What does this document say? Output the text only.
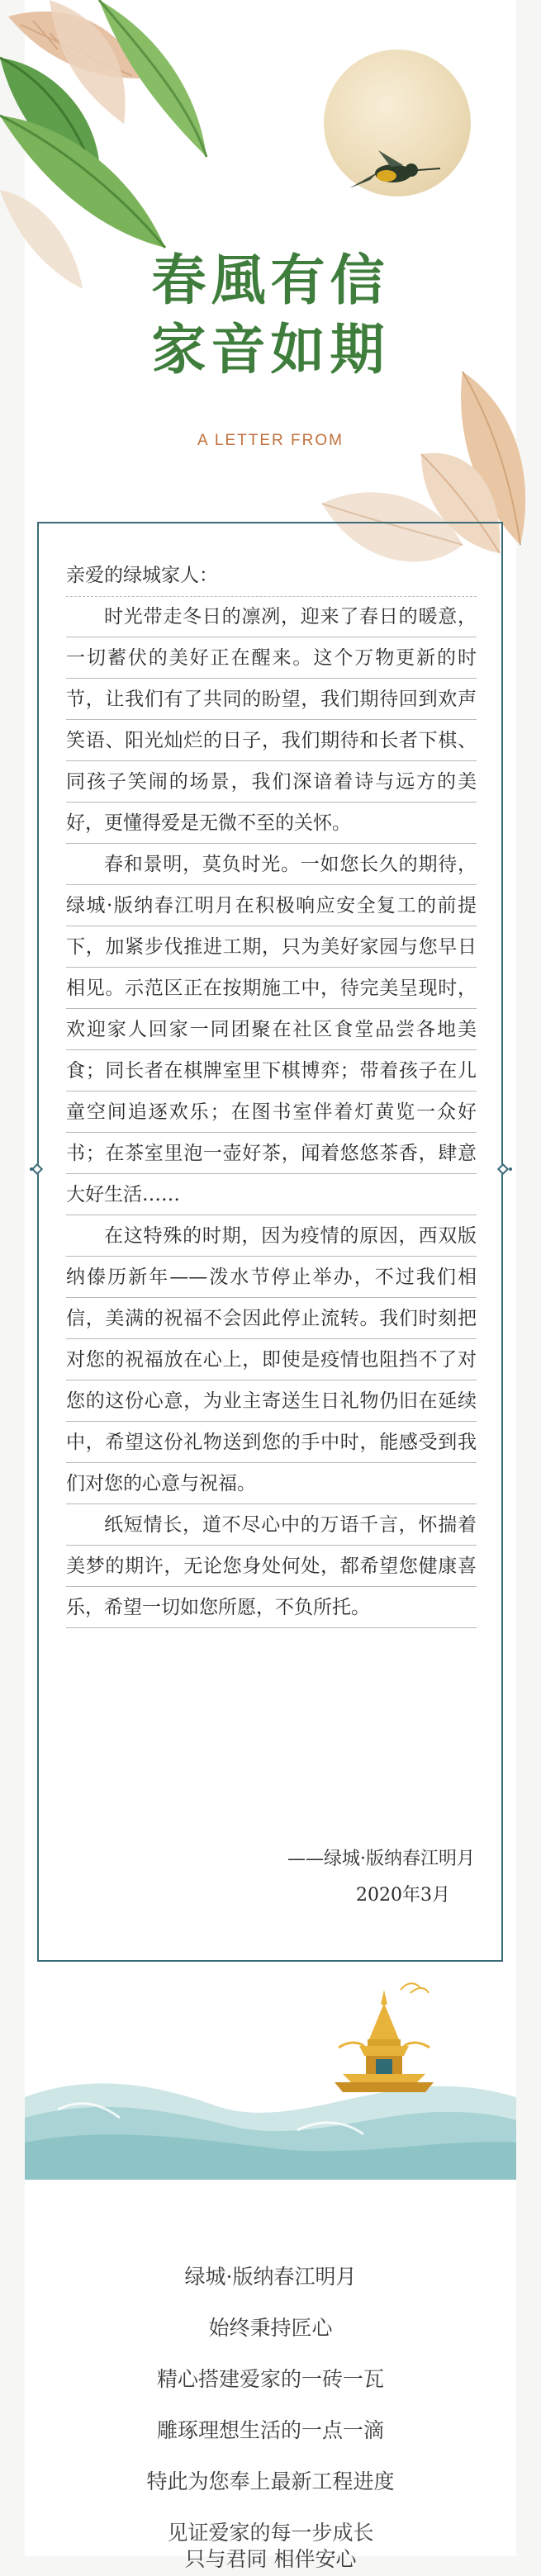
春風有信
家音如期
A LETTER FROM
亲爱的绿城家人：

时光带走冬日的凛冽，迎来了春日的暖意，一切蓄伏的美好正在醒来。这个万物更新的时节，让我们有了共同的盼望，我们期待回到欢声笑语、阳光灿烂的日子，我们期待和长者下棋、同孩子笑闹的场景，我们深谙着诗与远方的美好，更懂得爱是无微不至的关怀。

春和景明，莫负时光。一如您长久的期待，绿城·版纳春江明月在积极响应安全复工的前提下，加紧步伐推进工期，只为美好家园与您早日相见。示范区正在按期施工中，待完美呈现时，欢迎家人回家一同团聚在社区食堂品尝各地美食；同长者在棋牌室里下棋博弈；带着孩子在儿童空间追逐欢乐；在图书室伴着灯黄览一众好书；在茶室里泡一壶好茶，闻着悠悠茶香，肆意大好生活……

在这特殊的时期，因为疫情的原因，西双版纳傣历新年——泼水节停止举办，不过我们相信，美满的祝福不会因此停止流转。我们时刻把对您的祝福放在心上，即使是疫情也阻挡不了对您的这份心意，为业主寄送生日礼物仍旧在延续中，希望这份礼物送到您的手中时，能感受到我们对您的心意与祝福。

纸短情长，道不尽心中的万语千言，怀揣着美梦的期许，无论您身处何处，都希望您健康喜乐，希望一切如您所愿，不负所托。

——绿城·版纳春江明月
2020年3月
绿城·版纳春江明月
始终秉持匠心
精心搭建爱家的一砖一瓦
雕琢理想生活的一点一滴
特此为您奉上最新工程进度
见证爱家的每一步成长
只与君同 相伴安心
